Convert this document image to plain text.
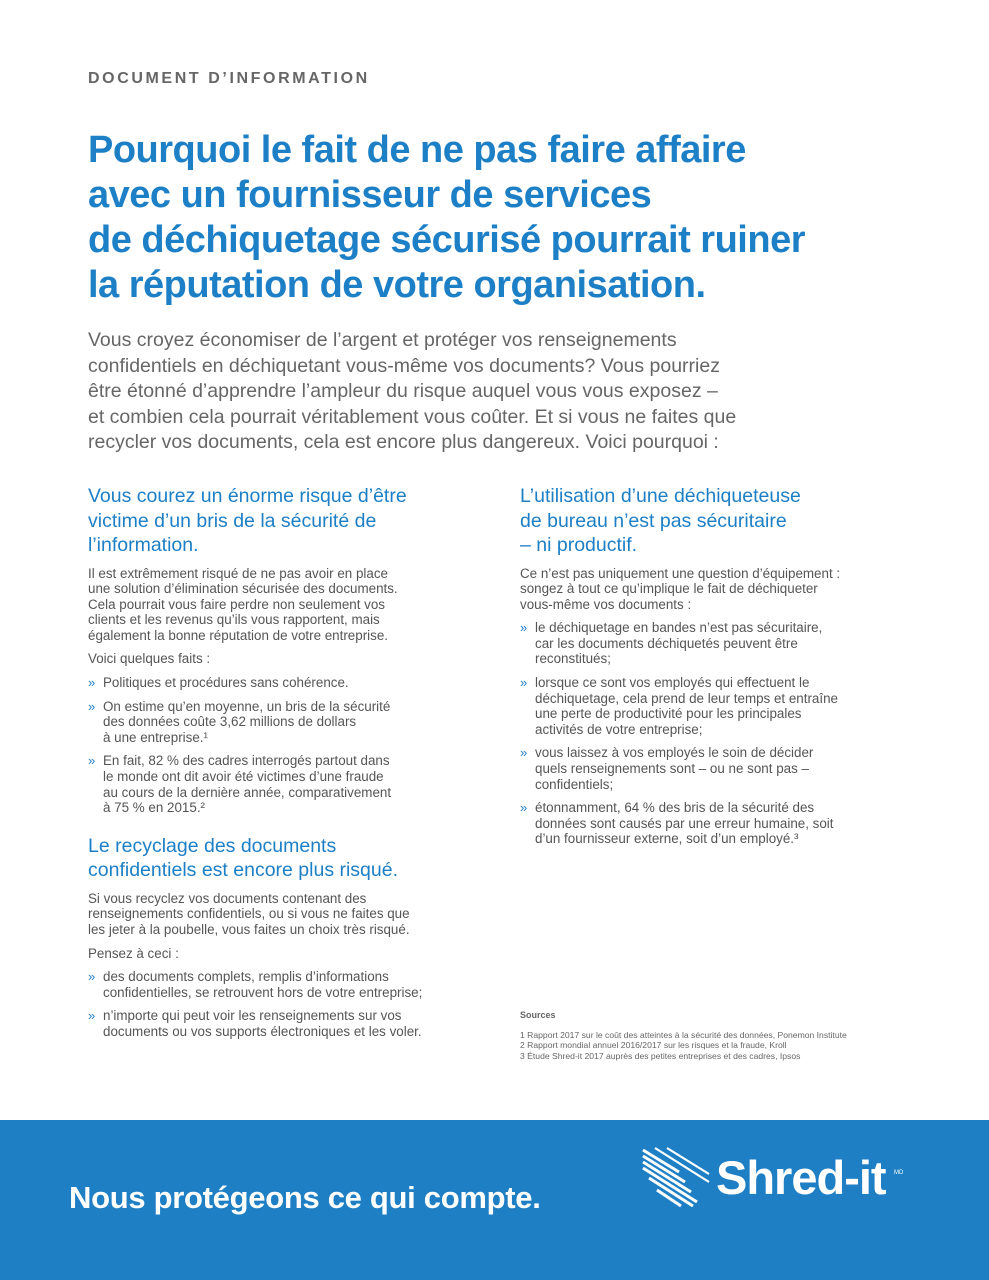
DOCUMENT D’INFORMATION
Pourquoi le fait de ne pas faire affaire
avec un fournisseur de services
de déchiquetage sécurisé pourrait ruiner
la réputation de votre organisation.
Vous croyez économiser de l’argent et protéger vos renseignements
confidentiels en déchiquetant vous-même vos documents? Vous pourriez
être étonné d’apprendre l’ampleur du risque auquel vous vous exposez –
et combien cela pourrait véritablement vous coûter. Et si vous ne faites que
recycler vos documents, cela est encore plus dangereux. Voici pourquoi :
Vous courez un énorme risque d’être
victime d’un bris de la sécurité de
l’information.

Il est extrêmement risqué de ne pas avoir en place
une solution d’élimination sécurisée des documents.
Cela pourrait vous faire perdre non seulement vos
clients et les revenus qu’ils vous rapportent, mais
également la bonne réputation de votre entreprise.

Voici quelques faits :

» Politiques et procédures sans cohérence.
» On estime qu’en moyenne, un bris de la sécurité
des données coûte 3,62 millions de dollars
à une entreprise.¹
» En fait, 82 % des cadres interrogés partout dans
le monde ont dit avoir été victimes d’une fraude
au cours de la dernière année, comparativement
à 75 % en 2015.²
Le recyclage des documents
confidentiels est encore plus risqué.

Si vous recyclez vos documents contenant des
renseignements confidentiels, ou si vous ne faites que
les jeter à la poubelle, vous faites un choix très risqué.

Pensez à ceci :

» des documents complets, remplis d’informations
confidentielles, se retrouvent hors de votre entreprise;
» n’importe qui peut voir les renseignements sur vos
documents ou vos supports électroniques et les voler.
L’utilisation d’une déchiqueteuse
de bureau n’est pas sécuritaire
– ni productif.

Ce n’est pas uniquement une question d’équipement :
songez à tout ce qu’implique le fait de déchiqueter
vous-même vos documents :

» le déchiquetage en bandes n’est pas sécuritaire,
car les documents déchiquetés peuvent être
reconstitués;
» lorsque ce sont vos employés qui effectuent le
déchiquetage, cela prend de leur temps et entraîne
une perte de productivité pour les principales
activités de votre entreprise;
» vous laissez à vos employés le soin de décider
quels renseignements sont – ou ne sont pas –
confidentiels;
» étonnamment, 64 % des bris de la sécurité des
données sont causés par une erreur humaine, soit
d’un fournisseur externe, soit d’un employé.³
Sources
1 Rapport 2017 sur le coût des atteintes à la sécurité des données, Ponemon Institute
2 Rapport mondial annuel 2016/2017 sur les risques et la fraude, Kroll
3 Étude Shred-it 2017 auprès des petites entreprises et des cadres, Ipsos
Nous protégeons ce qui compte.	Shred-it MD
